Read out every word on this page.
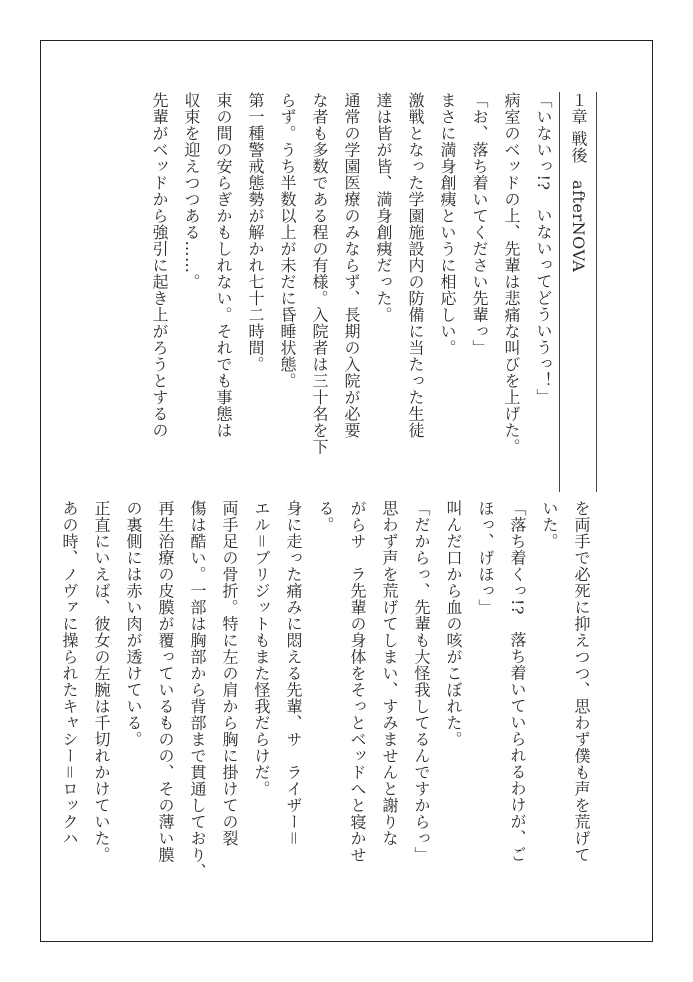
１章 戦後　afterNOVA
「いないっ!?　いないってどういうっ！」
病室のベッドの上、先輩は悲痛な叫びを上げた。
「お、落ち着いてください先輩っ」
まさに満身創痍というに相応しい。
激戦となった学園施設内の防備に当たった生徒
達は皆が皆、満身創痍だった。
通常の学園医療のみならず、長期の入院が必要
な者も多数である程の有様。入院者は三十名を下
らず。うち半数以上が未だに昏睡状態。
第一種警戒態勢が解かれ七十二時間。
束の間の安らぎかもしれない。それでも事態は
収束を迎えつつある……。
先輩がベッドから強引に起き上がろうとするの
を両手で必死に抑えつつ、思わず僕も声を荒げて
いた。
「落ち着くっ!?　落ち着いていられるわけが、ご
ほっ、げほっ」
叫んだ口から血の咳がこぼれた。
「だからっ、先輩も大怪我してるんですからっ」
思わず声を荒げてしまい、すみませんと謝りな
がらサ　ラ先輩の身体をそっとベッドへと寝かせ
る。
身に走った痛みに悶える先輩、サ　ライザー＝
エル＝ブリジットもまた怪我だらけだ。
両手足の骨折。特に左の肩から胸に掛けての裂
傷は酷い。一部は胸部から背部まで貫通しており、
再生治療の皮膜が覆っているものの、その薄い膜
の裏側には赤い肉が透けている。
正直にいえば、彼女の左腕は千切れかけていた。
あの時、ノヴァに操られたキャシー＝ロックハ
